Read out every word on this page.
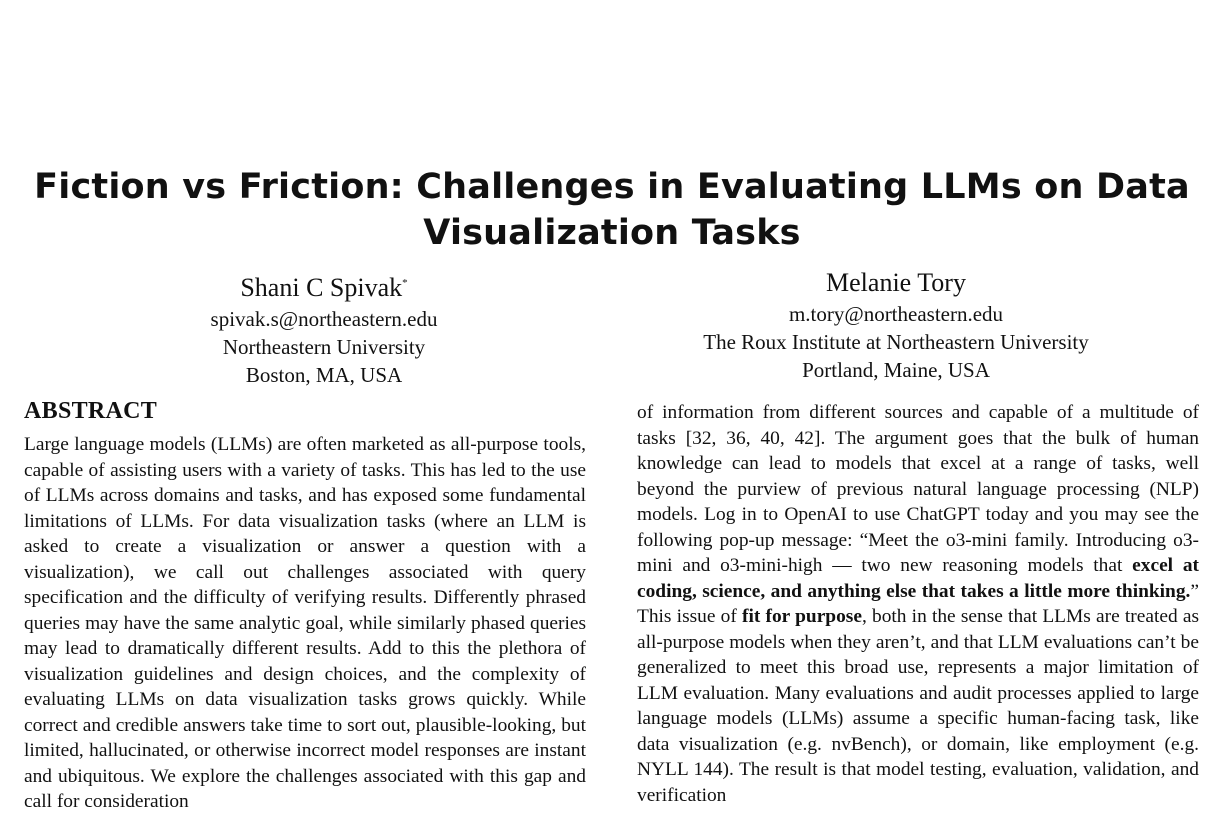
Fiction vs Friction: Challenges in Evaluating LLMs on Data
Visualization Tasks
Shani C Spivak*
spivak.s@northeastern.edu
Northeastern University
Boston, MA, USA
Melanie Tory
m.tory@northeastern.edu
The Roux Institute at Northeastern University
Portland, Maine, USA
ABSTRACT

Large language models (LLMs) are often marketed as all-purpose tools, capable of assisting users with a variety of tasks. This has led to the use of LLMs across domains and tasks, and has exposed some fundamental limitations of LLMs. For data visualization tasks (where an LLM is asked to create a visualization or answer a question with a visualization), we call out challenges associated with query specification and the difficulty of verifying results. Differently phrased queries may have the same analytic goal, while similarly phased queries may lead to dramatically different results. Add to this the plethora of visualization guidelines and design choices, and the complexity of evaluating LLMs on data visualization tasks grows quickly. While correct and credible answers take time to sort out, plausible-looking, but limited, hallucinated, or otherwise incorrect model responses are instant and ubiquitous. We explore the challenges associated with this gap and call for consideration

of information from different sources and capable of a multitude of tasks [32, 36, 40, 42]. The argument goes that the bulk of human knowledge can lead to models that excel at a range of tasks, well beyond the purview of previous natural language processing (NLP) models. Log in to OpenAI to use ChatGPT today and you may see the following pop-up message: “Meet the o3-mini family. Introducing o3-mini and o3-mini-high — two new reasoning models that excel at coding, science, and anything else that takes a little more thinking.” This issue of fit for purpose, both in the sense that LLMs are treated as all-purpose models when they aren’t, and that LLM evaluations can’t be generalized to meet this broad use, represents a major limitation of LLM evaluation. Many evaluations and audit processes applied to large language models (LLMs) assume a specific human-facing task, like data visualization (e.g. nvBench), or domain, like employment (e.g. NYLL 144). The result is that model testing, evaluation, validation, and verification
